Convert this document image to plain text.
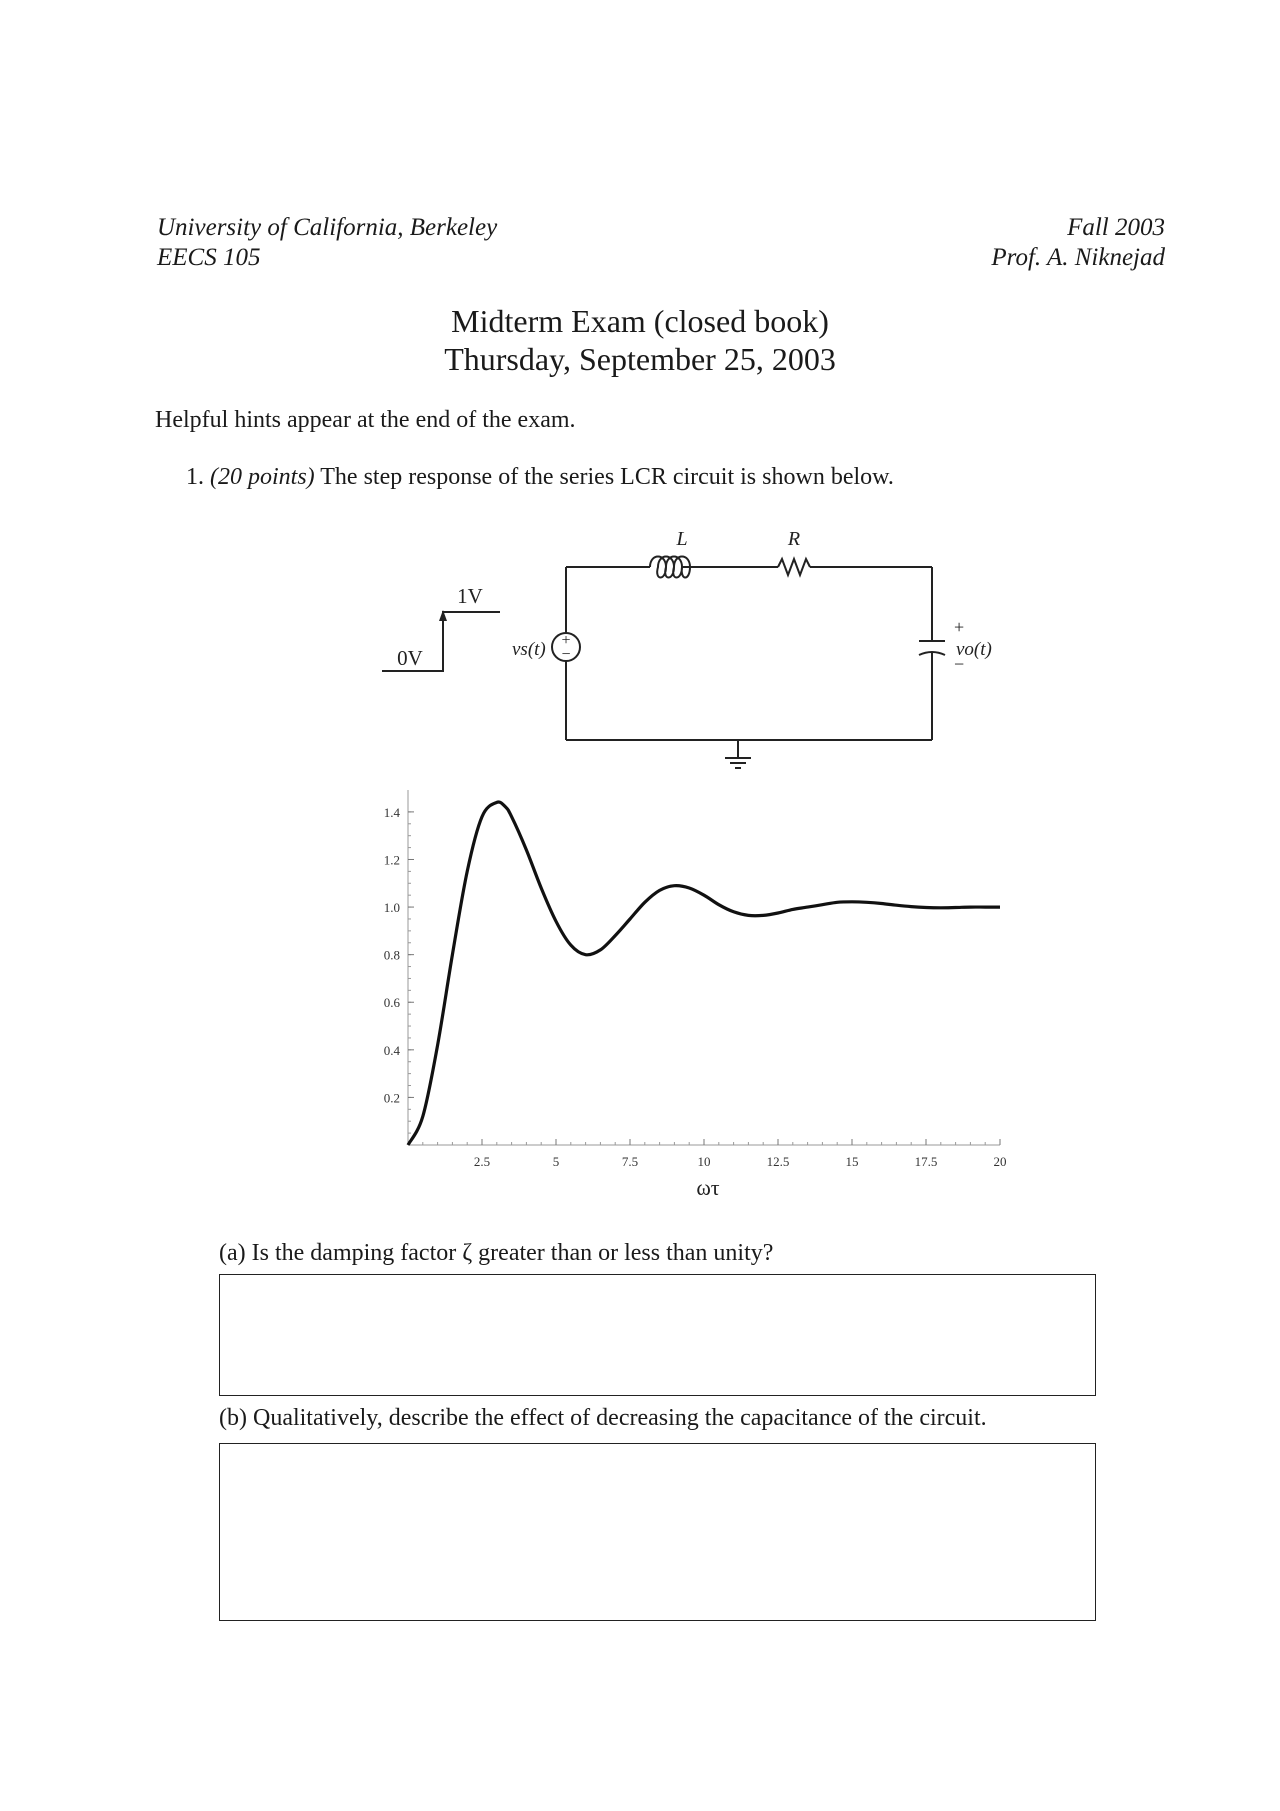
University of California, Berkeley
EECS 105
Fall 2003
Prof. A. Niknejad
Midterm Exam (closed book)
Thursday, September 25, 2003
Helpful hints appear at the end of the exam.
1. (20 points) The step response of the series LCR circuit is shown below.
+
−
L	R
1V
0V	vs(t)
+
−
vo(t)
2.5	5	7.5	10	12.5	15	17.5	20
0.2
0.4
0.6
0.8
1.0
1.2
1.4
ωτ
(a) Is the damping factor ζ greater than or less than unity?
(b) Qualitatively, describe the effect of decreasing the capacitance of the circuit.
